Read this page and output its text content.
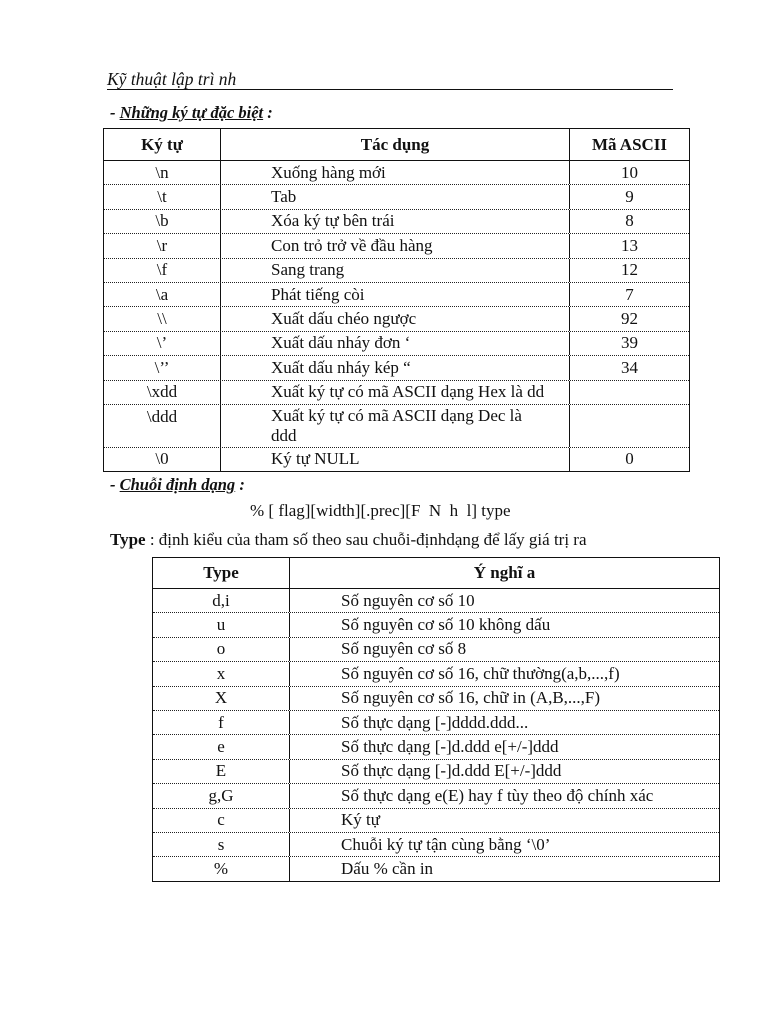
Kỹ thuật lập trì nh
- Những ký tự đặc biệt :
Ký tự	Tác dụng	Mã ASCII
\n	Xuống hàng mới	10
\t	Tab	9
\b	Xóa ký tự bên trái	8
\r	Con trỏ trở về đầu hàng	13
\f	Sang trang	12
\a	Phát tiếng còi	7
\\	Xuất dấu chéo ngược	92
\’	Xuất dấu nháy đơn ‘	39
\’’	Xuất dấu nháy kép “	34
\xdd	Xuất ký tự có mã ASCII dạng Hex là dd
\ddd	Xuất ký tự có mã ASCII dạng Dec là ddd
\0	Ký tự NULL	0
- Chuỗi định dạng :
% [ flag][width][.prec][F  N  h  l] type
Type : định kiểu của tham số theo sau chuỗi-địnhdạng để lấy giá trị ra
Type	Ý nghĩ a
d,i	Số nguyên cơ số 10
u	Số nguyên cơ số 10 không dấu
o	Số nguyên cơ số 8
x	Số nguyên cơ số 16, chữ thường(a,b,...,f)
X	Số nguyên cơ số 16, chữ in (A,B,...,F)
f	Số thực dạng [-]dddd.ddd...
e	Số thực dạng [-]d.ddd e[+/-]ddd
E	Số thực dạng [-]d.ddd E[+/-]ddd
g,G	Số thực dạng e(E) hay f tùy theo độ chính xác
c	Ký tự
s	Chuỗi ký tự tận cùng bằng ‘\0’
%	Dấu % cần in
